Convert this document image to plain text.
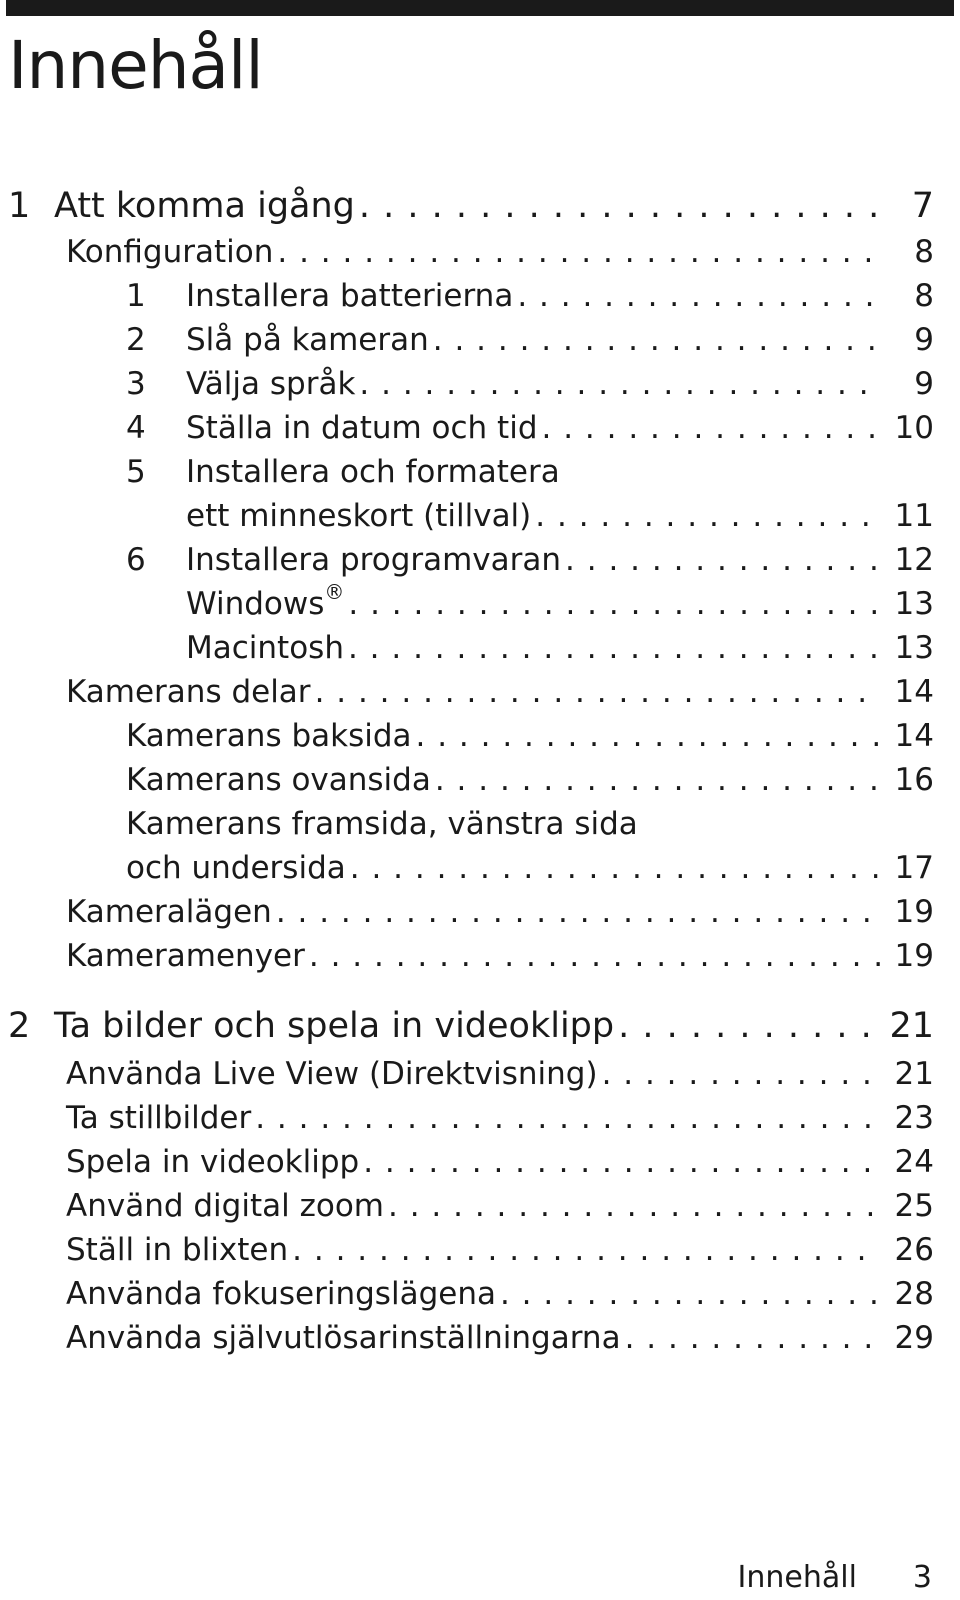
Innehåll
1 Att komma igång . . .	7
Konfiguration . . .	8
1 Installera batterierna . . .	8
2 Slå på kameran . . .	9
3 Välja språk . . .	9
4 Ställa in datum och tid . . .	10
5 Installera och formatera
ett minneskort (tillval) . . .	11
6 Installera programvaran . . .	12
Windows® . . .	13
Macintosh . . .	13
Kamerans delar . . .	14
Kamerans baksida . . .	14
Kamerans ovansida . . .	16
Kamerans framsida, vänstra sida
och undersida . . .	17
Kameralägen . . .	19
Kameramenyer . . .	19
2 Ta bilder och spela in videoklipp . . .	21
Använda Live View (Direktvisning) . . .	21
Ta stillbilder . . .	23
Spela in videoklipp . . .	24
Använd digital zoom . . .	25
Ställ in blixten . . .	26
Använda fokuseringslägena . . .	28
Använda självutlösarinställningarna . . .	29
Innehåll 3
